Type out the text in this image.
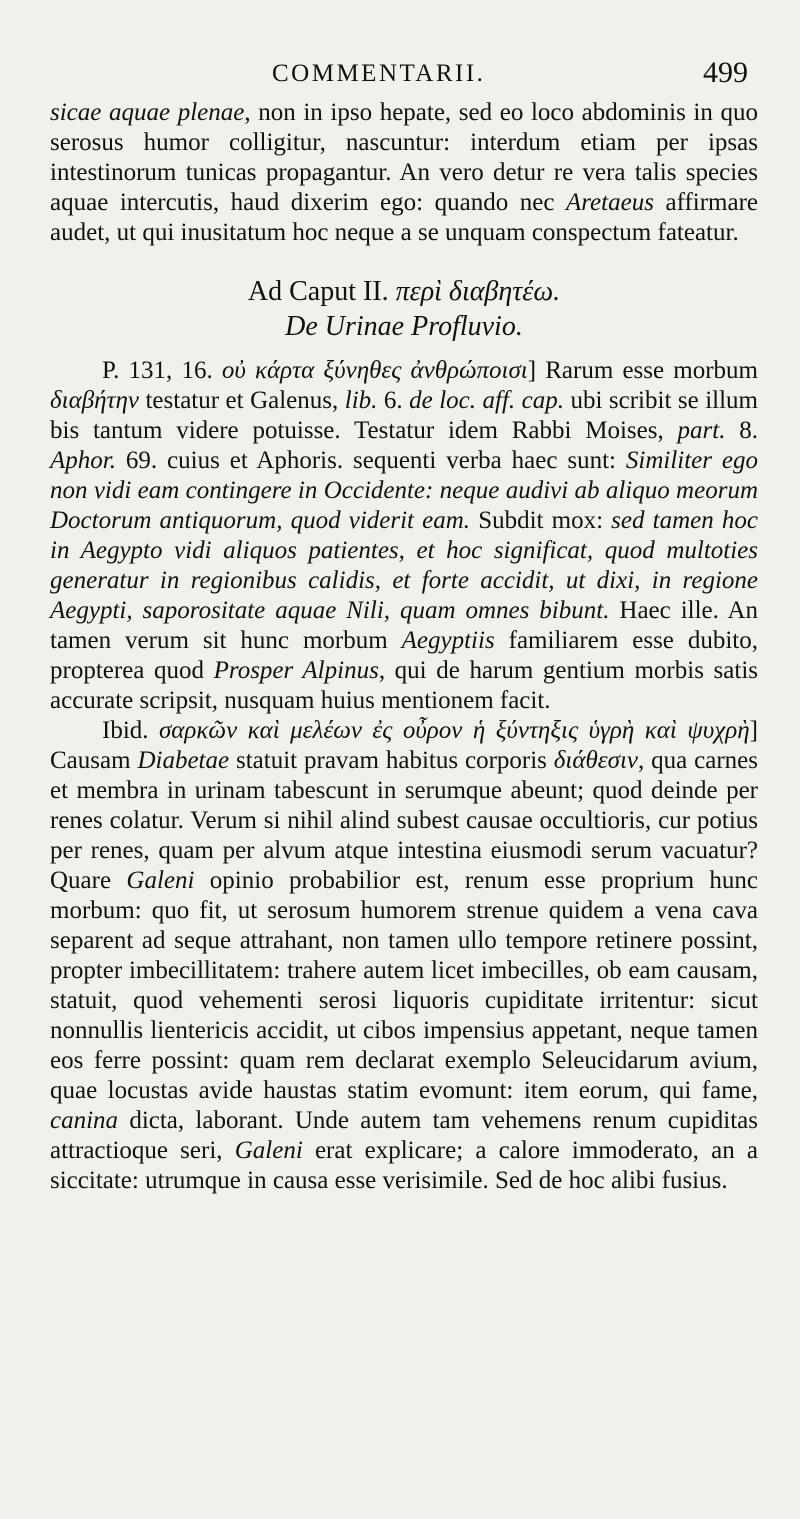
COMMENTARII.	499

sicae aquae plenae, non in ipso hepate, sed eo loco abdominis in quo serosus humor colligitur, nascuntur: interdum etiam per ipsas intestinorum tunicas propagantur. An vero detur re vera talis species aquae intercutis, haud dixerim ego: quando nec Aretaeus affirmare audet, ut qui inusitatum hoc neque a se unquam conspectum fateatur.

Ad Caput II. περὶ διαβητέω.
De Urinae Profluvio.

P. 131, 16. οὐ κάρτα ξύνηθες ἀνθρώποισι] Rarum esse morbum διαβήτην testatur et Galenus, lib. 6. de loc. aff. cap. ubi scribit se illum bis tantum videre potuisse. Testatur idem Rabbi Moises, part. 8. Aphor. 69. cuius et Aphoris. sequenti verba haec sunt: Similiter ego non vidi eam contingere in Occidente: neque audivi ab aliquo meorum Doctorum antiquorum, quod viderit eam. Subdit mox: sed tamen hoc in Aegypto vidi aliquos patientes, et hoc significat, quod multoties generatur in regionibus calidis, et forte accidit, ut dixi, in regione Aegypti, saporositate aquae Nili, quam omnes bibunt. Haec ille. An tamen verum sit hunc morbum Aegyptiis familiarem esse dubito, propterea quod Prosper Alpinus, qui de harum gentium morbis satis accurate scripsit, nusquam huius mentionem facit.

Ibid. σαρκῶν καὶ μελέων ἐς οὖρον ἡ ξύντηξις ὑγρὴ καὶ ψυχρὴ] Causam Diabetae statuit pravam habitus corporis διάθεσιν, qua carnes et membra in urinam tabescunt in serumque abeunt; quod deinde per renes colatur. Verum si nihil alind subest causae occultioris, cur potius per renes, quam per alvum atque intestina eiusmodi serum vacuatur? Quare Galeni opinio probabilior est, renum esse proprium hunc morbum: quo fit, ut serosum humorem strenue quidem a vena cava separent ad seque attrahant, non tamen ullo tempore retinere possint, propter imbecillitatem: trahere autem licet imbecilles, ob eam causam, statuit, quod vehementi serosi liquoris cupiditate irritentur: sicut nonnullis lientericis accidit, ut cibos impensius appetant, neque tamen eos ferre possint: quam rem declarat exemplo Seleucidarum avium, quae locustas avide haustas statim evomunt: item eorum, qui fame, canina dicta, laborant. Unde autem tam vehemens renum cupiditas attractioque seri, Galeni erat explicare; a calore immoderato, an a siccitate: utrumque in causa esse verisimile. Sed de hoc alibi fusius.
